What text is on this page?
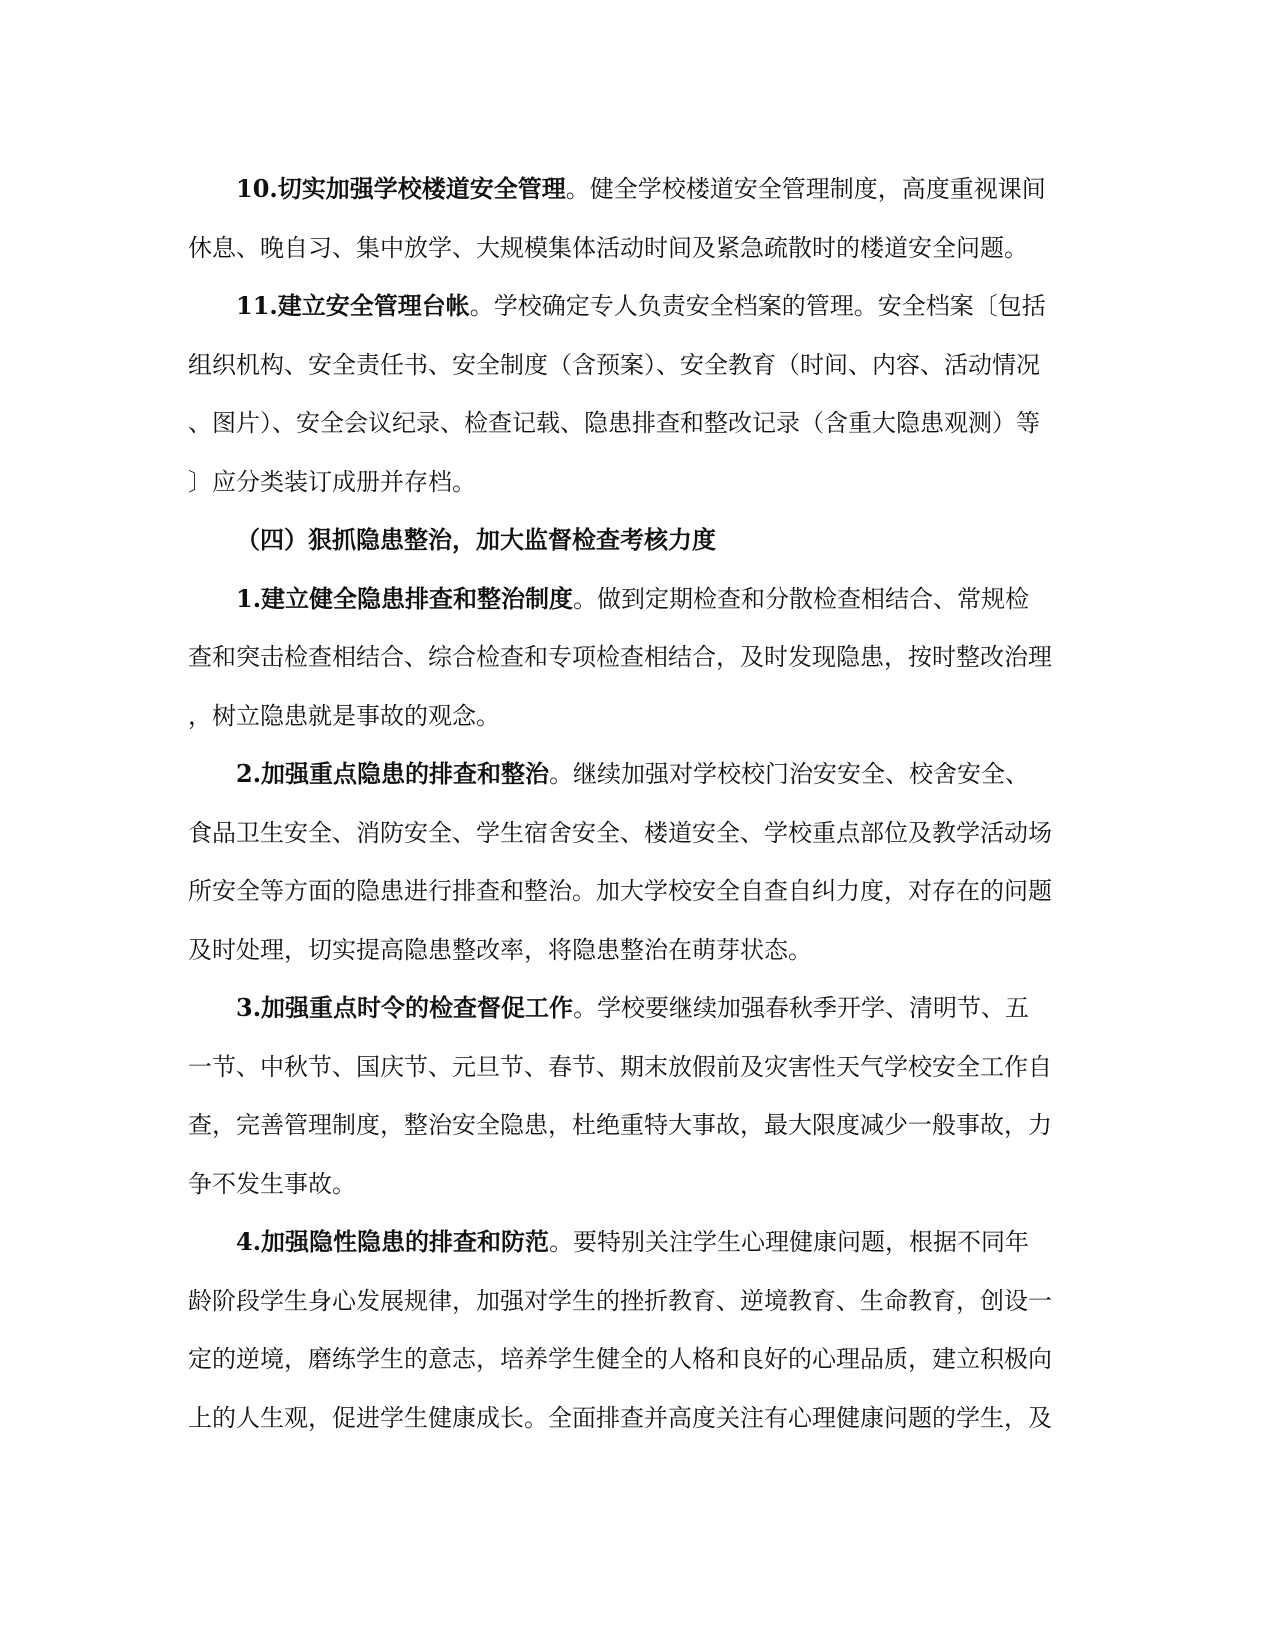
10.切实加强学校楼道安全管理。健全学校楼道安全管理制度，高度重视课间
休息、晚自习、集中放学、大规模集体活动时间及紧急疏散时的楼道安全问题。
11.建立安全管理台帐。学校确定专人负责安全档案的管理。安全档案〔包括
组织机构、安全责任书、安全制度（含预案）、安全教育（时间、内容、活动情况
、图片）、安全会议纪录、检查记载、隐患排查和整改记录（含重大隐患观测）等
〕应分类装订成册并存档。
（四）狠抓隐患整治，加大监督检查考核力度
1.建立健全隐患排查和整治制度。做到定期检查和分散检查相结合、常规检
查和突击检查相结合、综合检查和专项检查相结合，及时发现隐患，按时整改治理
，树立隐患就是事故的观念。
2.加强重点隐患的排查和整治。继续加强对学校校门治安安全、校舍安全、
食品卫生安全、消防安全、学生宿舍安全、楼道安全、学校重点部位及教学活动场
所安全等方面的隐患进行排查和整治。加大学校安全自查自纠力度，对存在的问题
及时处理，切实提高隐患整改率，将隐患整治在萌芽状态。
3.加强重点时令的检查督促工作。学校要继续加强春秋季开学、清明节、五
一节、中秋节、国庆节、元旦节、春节、期末放假前及灾害性天气学校安全工作自
查，完善管理制度，整治安全隐患，杜绝重特大事故，最大限度减少一般事故，力
争不发生事故。
4.加强隐性隐患的排查和防范。要特别关注学生心理健康问题，根据不同年
龄阶段学生身心发展规律，加强对学生的挫折教育、逆境教育、生命教育，创设一
定的逆境，磨练学生的意志，培养学生健全的人格和良好的心理品质，建立积极向
上的人生观，促进学生健康成长。全面排查并高度关注有心理健康问题的学生，及
